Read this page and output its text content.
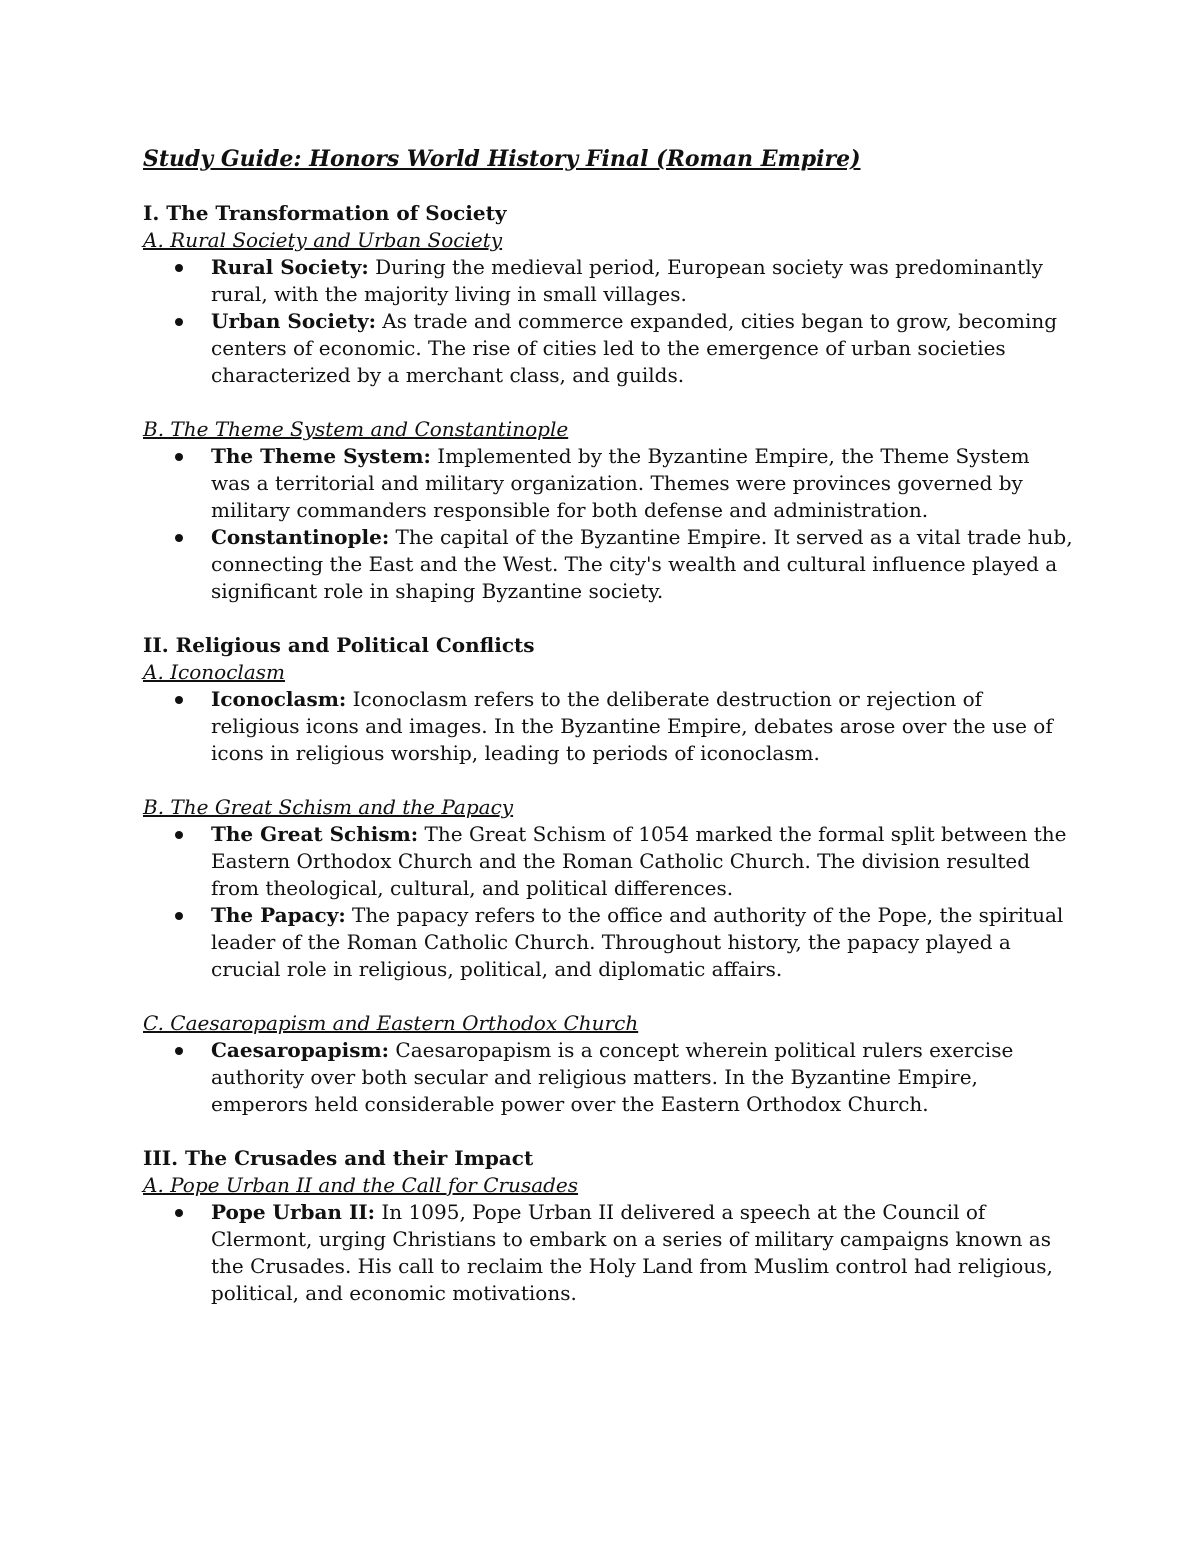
Study Guide: Honors World History Final (Roman Empire)

I. The Transformation of Society

A. Rural Society and Urban Society

Rural Society: During the medieval period, European society was predominantly rural, with the majority living in small villages.
Urban Society: As trade and commerce expanded, cities began to grow, becoming centers of economic. The rise of cities led to the emergence of urban societies characterized by a merchant class, and guilds.

B. The Theme System and Constantinople

The Theme System: Implemented by the Byzantine Empire, the Theme System was a territorial and military organization. Themes were provinces governed by military commanders responsible for both defense and administration.
Constantinople: The capital of the Byzantine Empire. It served as a vital trade hub, connecting the East and the West. The city's wealth and cultural influence played a significant role in shaping Byzantine society.

II. Religious and Political Conflicts

A. Iconoclasm

Iconoclasm: Iconoclasm refers to the deliberate destruction or rejection of religious icons and images. In the Byzantine Empire, debates arose over the use of icons in religious worship, leading to periods of iconoclasm.

B. The Great Schism and the Papacy

The Great Schism: The Great Schism of 1054 marked the formal split between the Eastern Orthodox Church and the Roman Catholic Church. The division resulted from theological, cultural, and political differences.
The Papacy: The papacy refers to the office and authority of the Pope, the spiritual leader of the Roman Catholic Church. Throughout history, the papacy played a crucial role in religious, political, and diplomatic affairs.

C. Caesaropapism and Eastern Orthodox Church

Caesaropapism: Caesaropapism is a concept wherein political rulers exercise authority over both secular and religious matters. In the Byzantine Empire, emperors held considerable power over the Eastern Orthodox Church.

III. The Crusades and their Impact

A. Pope Urban II and the Call for Crusades

Pope Urban II: In 1095, Pope Urban II delivered a speech at the Council of Clermont, urging Christians to embark on a series of military campaigns known as the Crusades. His call to reclaim the Holy Land from Muslim control had religious, political, and economic motivations.
